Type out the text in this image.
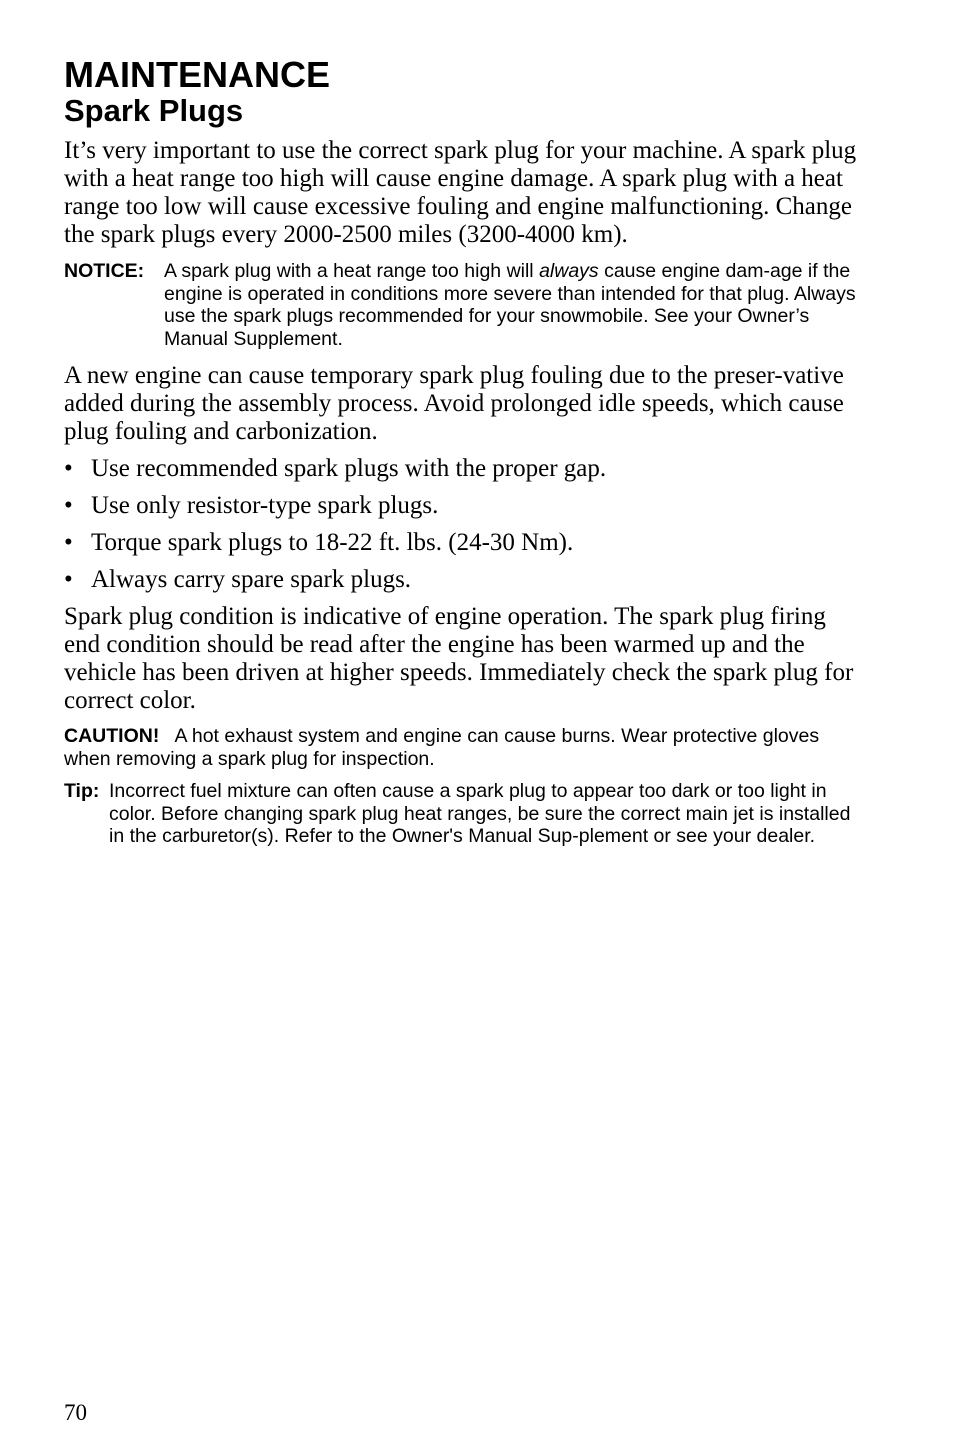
MAINTENANCE
Spark Plugs

It’s very important to use the correct spark plug for your machine. A spark plug with a heat range too high will cause engine damage. A spark plug with a heat range too low will cause excessive fouling and engine malfunctioning. Change the spark plugs every 2000-2500 miles (3200-4000 km).

NOTICE: A spark plug with a heat range too high will always cause engine dam-age if the engine is operated in conditions more severe than intended for that plug. Always use the spark plugs recommended for your snowmobile. See your Owner’s Manual Supplement.

A new engine can cause temporary spark plug fouling due to the preser-vative added during the assembly process. Avoid prolonged idle speeds, which cause plug fouling and carbonization.

• Use recommended spark plugs with the proper gap.
• Use only resistor-type spark plugs.
• Torque spark plugs to 18-22 ft. lbs. (24-30 Nm).
• Always carry spare spark plugs.

Spark plug condition is indicative of engine operation. The spark plug firing end condition should be read after the engine has been warmed up and the vehicle has been driven at higher speeds. Immediately check the spark plug for correct color.

CAUTION! A hot exhaust system and engine can cause burns. Wear protective gloves when removing a spark plug for inspection.

Tip: Incorrect fuel mixture can often cause a spark plug to appear too dark or too light in color. Before changing spark plug heat ranges, be sure the correct main jet is installed in the carburetor(s). Refer to the Owner's Manual Sup-plement or see your dealer.

70
